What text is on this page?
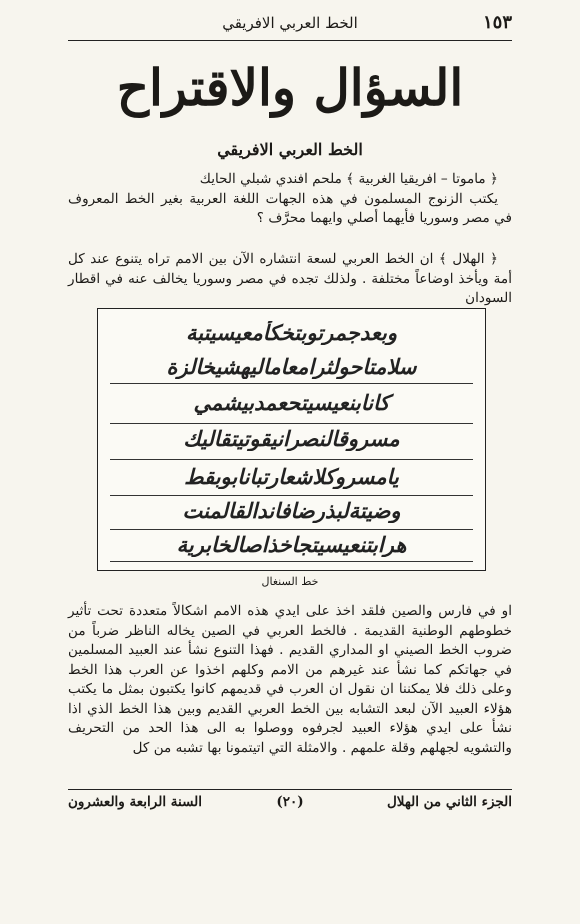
١٥٣
الخط العربي الافريقي
السؤال والاقتراح
الخط العربي الافريقي

﴿ ماموتا – افريقيا الغربية ﴾ ملحم افندي شبلي الحايك

يكتب الزنوج المسلمون في هذه الجهات اللغة العربية بغير الخط المعروف في مصر وسوريا فأيهما أصلي وايهما محرَّف ؟

﴿ الهلال ﴾ ان الخط العربي لسعة انتشاره الآن بين الامم تراه يتنوع عند كل أمة ويأخذ اوضاعاً مختلفة . ولذلك تجده في مصر وسوريا يخالف عنه في اقطار السودان

وبعدجمرتوبتخكأمعيسيتبة
سلامتاحولثرامعاماليهشيخالزة
كانابنعيسيتحعمدبيشمي
مسروقالنصرانيقوتيتقاليك
يامسروكلاشعارتبانابوبقط
وضيتةلبذرضافاندالقالمنت
هرابتنعيسيتجاخذاصالخابرية
خط السنغال

او في فارس والصين فلقد اخذ على ايدي هذه الامم اشكالاً متعددة تحت تأثير خطوطهم الوطنية القديمة . فالخط العربي في الصين يخاله الناظر ضرباً من ضروب الخط الصيني او المداري القديم . فهذا التنوع نشأ عند العبيد المسلمين في جهاتكم كما نشأ عند غيرهم من الامم وكلهم اخذوا عن العرب هذا الخط وعلى ذلك فلا يمكننا ان نقول ان العرب في قديمهم كانوا يكتبون بمثل ما يكتب هؤلاء العبيد الآن لبعد التشابه بين الخط العربي القديم وبين هذا الخط الذي اذا نشأ على ايدي هؤلاء العبيد لجرفوه ووصلوا به الى هذا الحد من التحريف والتشويه لجهلهم وقلة علمهم . والامثلة التي اتيتمونا بها تشبه من كل

الجزء الثاني من الهلال
(٢٠)
السنة الرابعة والعشرون
